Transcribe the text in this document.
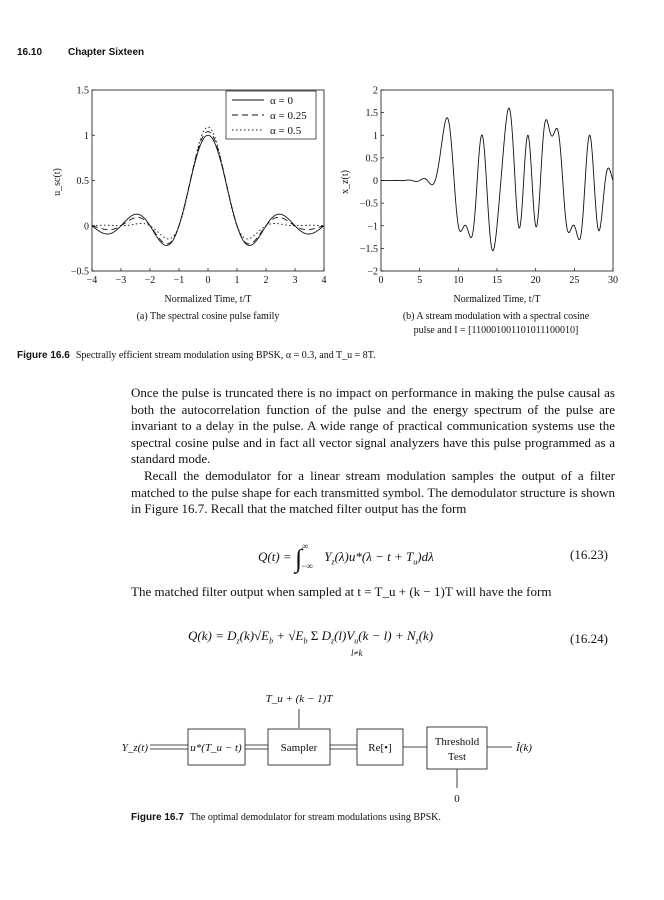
16.10	Chapter Sixteen
−4 −3 −2 −1 0 1 2 3 4
1.5
1
0.5
0
−0.5
α = 0
α = 0.25
α = 0.5
u_sc(t)
Normalized Time, t/T
0	5	10	15	20	25	30
2
1.5
1
0.5
0
−0.5
−1
−1.5
−2
x_z(t)
Normalized Time, t/T
Y_z(t)	u*(T_u − t)	Sampler	Re[•]	Threshold
Test
T_u + (k − 1)T
0
Î(k)
(a) The spectral cosine pulse family	(b) A stream modulation with a spectral cosine
pulse and I = [110001001101011100010]
Figure 16.6 Spectrally efficient stream modulation using BPSK, α = 0.3, and T_u = 8T.

Once the pulse is truncated there is no impact on performance in making the pulse causal as both the autocorrelation function of the pulse and the energy spectrum of the pulse are invariant to a delay in the pulse. A wide range of practical communication systems use the spectral cosine pulse and in fact all vector signal analyzers have this pulse programmed as a standard mode.

Recall the demodulator for a linear stream modulation samples the output of a filter matched to the pulse shape for each transmitted symbol. The demodulator structure is shown in Figure 16.7. Recall that the matched filter output has the form

$Q(t) = \int^\infty_{-\infty}$ $Y_z(\lambda)u*(\lambda - t + T_u)d\lambda$	(16.23)

The matched filter output when sampled at t = T_u + (k − 1)T will have the form

$Q(k) = D_z(k)√E_b + √E_b$ Σ $D_z(l)V_u(k - l) + N_z(k)$
l≠k
(16.24)
Figure 16.7 The optimal demodulator for stream modulations using BPSK.
